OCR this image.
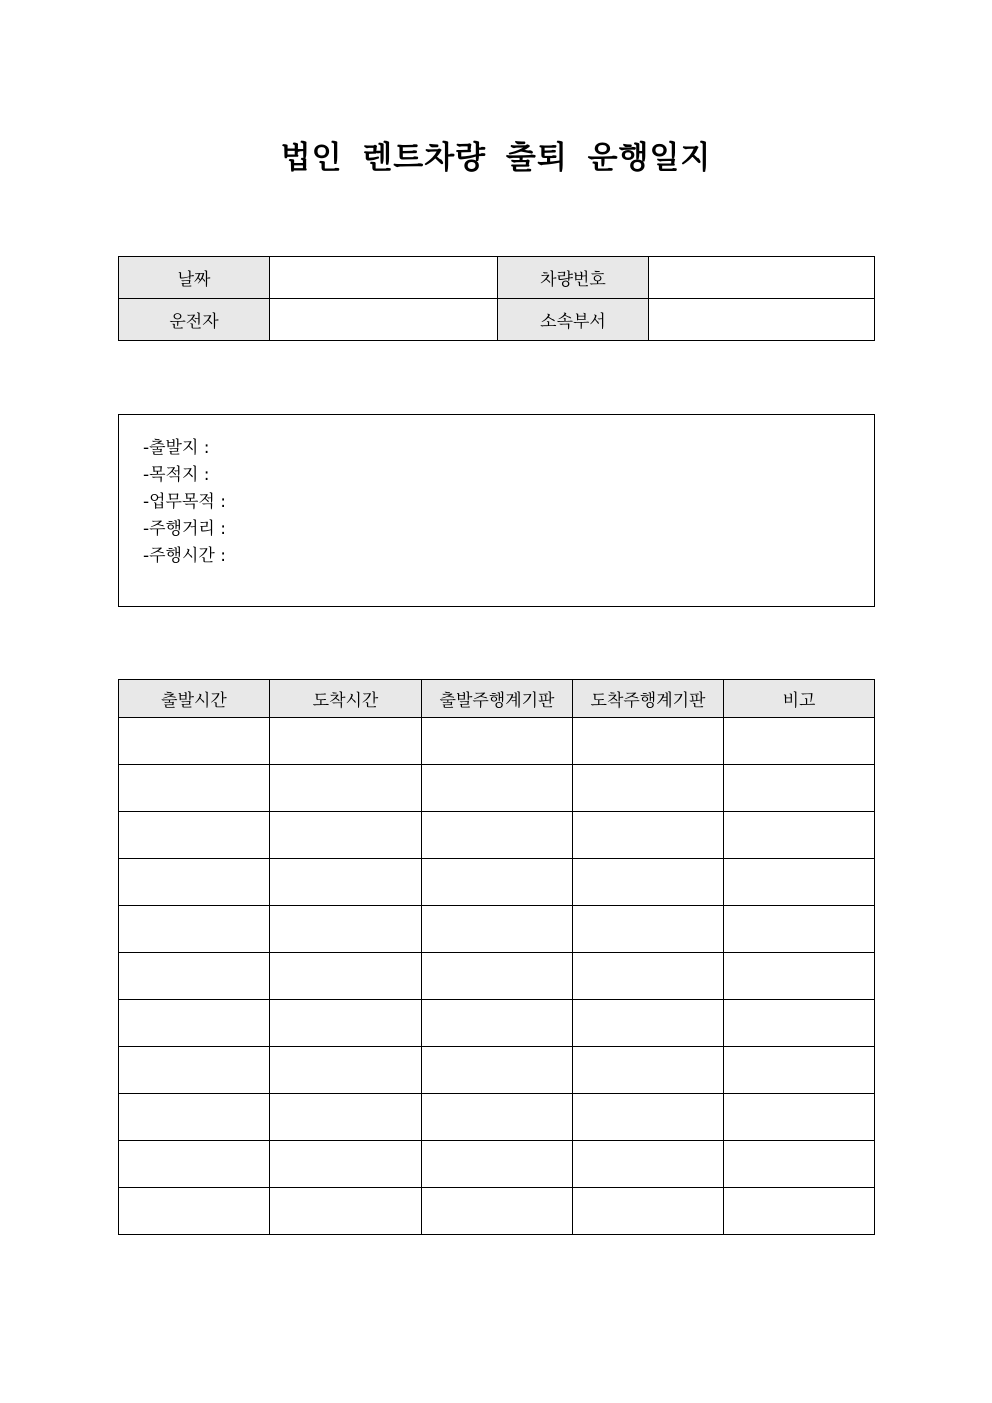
법인 렌트차량 출퇴 운행일지
날짜		차량번호	
운전자		소속부서	
-출발지 :
-목적지 :
-업무목적 :
-주행거리 :
-주행시간 :
출발시간	도착시간	출발주행계기판	도착주행계기판	비고
